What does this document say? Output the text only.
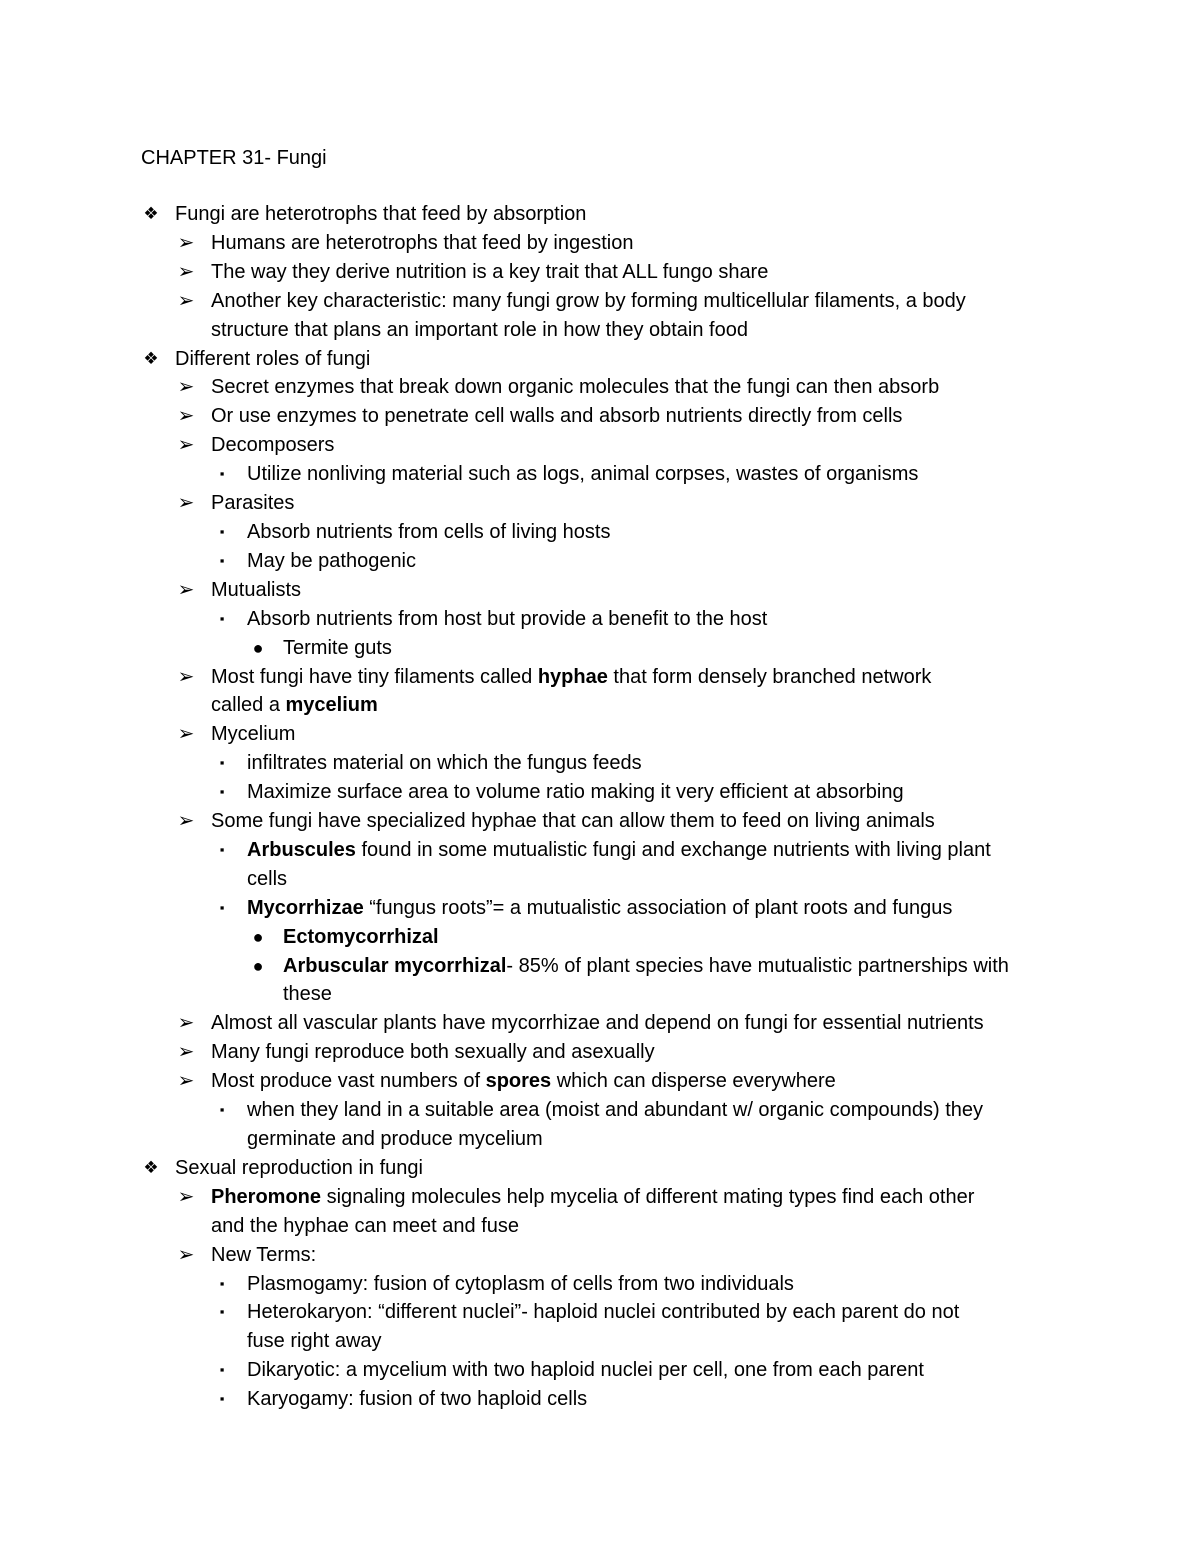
CHAPTER 31- Fungi
❖ Fungi are heterotrophs that feed by absorption
➢ Humans are heterotrophs that feed by ingestion
➢ The way they derive nutrition is a key trait that ALL fungo share
➢ Another key characteristic: many fungi grow by forming multicellular filaments, a body
structure that plans an important role in how they obtain food
❖ Different roles of fungi
➢ Secret enzymes that break down organic molecules that the fungi can then absorb
➢ Or use enzymes to penetrate cell walls and absorb nutrients directly from cells
➢ Decomposers
▪	Utilize nonliving material such as logs, animal corpses, wastes of organisms
➢ Parasites
▪	Absorb nutrients from cells of living hosts
▪	May be pathogenic
➢ Mutualists
▪	Absorb nutrients from host but provide a benefit to the host
● Termite guts
➢ Most fungi have tiny filaments called hyphae that form densely branched network
called a mycelium
➢ Mycelium
▪	infiltrates material on which the fungus feeds
▪	Maximize surface area to volume ratio making it very efficient at absorbing
➢ Some fungi have specialized hyphae that can allow them to feed on living animals
▪	Arbuscules found in some mutualistic fungi and exchange nutrients with living plant
cells
▪	Mycorrhizae “fungus roots”= a mutualistic association of plant roots and fungus
● Ectomycorrhizal
● Arbuscular mycorrhizal- 85% of plant species have mutualistic partnerships with
these
➢ Almost all vascular plants have mycorrhizae and depend on fungi for essential nutrients
➢ Many fungi reproduce both sexually and asexually
➢ Most produce vast numbers of spores which can disperse everywhere
▪	when they land in a suitable area (moist and abundant w/ organic compounds) they
germinate and produce mycelium
❖ Sexual reproduction in fungi
➢ Pheromone signaling molecules help mycelia of different mating types find each other
and the hyphae can meet and fuse
➢ New Terms:
▪	Plasmogamy: fusion of cytoplasm of cells from two individuals
▪	Heterokaryon: “different nuclei”- haploid nuclei contributed by each parent do not
fuse right away
▪	Dikaryotic: a mycelium with two haploid nuclei per cell, one from each parent
▪	Karyogamy: fusion of two haploid cells
